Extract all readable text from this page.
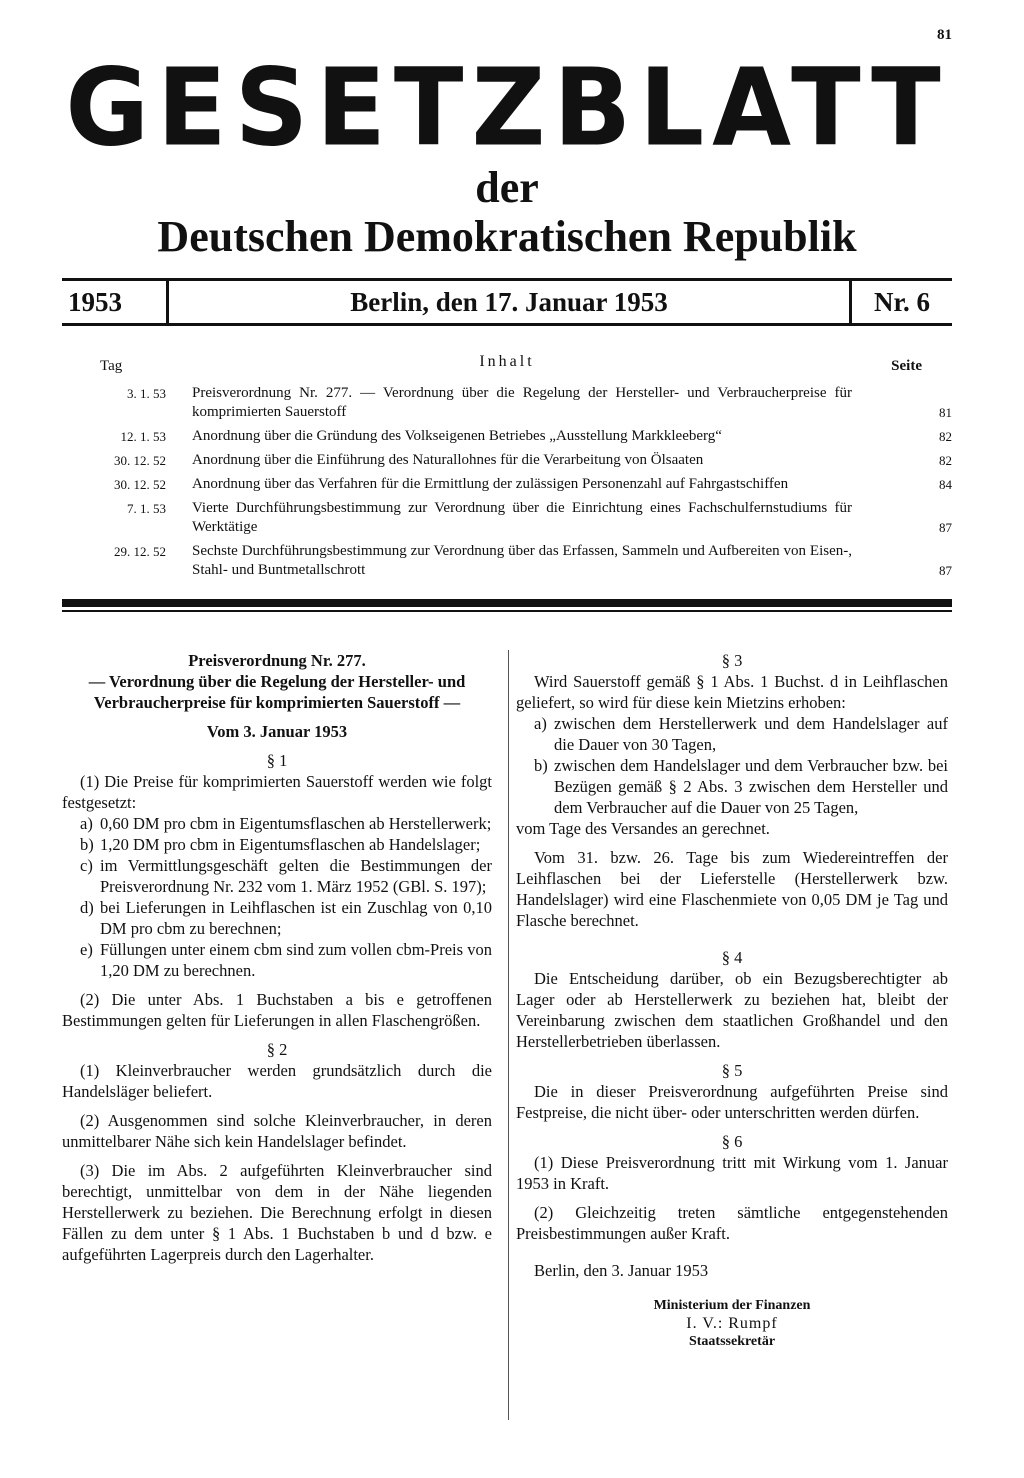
81
GESETZBLATT
der
Deutschen Demokratischen Republik
1953	Berlin, den 17. Januar 1953	Nr. 6
Tag	Inhalt	Seite
3. 1. 53	Preisverordnung Nr. 277. — Verordnung über die Regelung der Hersteller- und Verbraucherpreise für komprimierten Sauerstoff	81
12. 1. 53	Anordnung über die Gründung des Volkseigenen Betriebes „Ausstellung Markkleeberg“	82
30. 12. 52	Anordnung über die Einführung des Naturallohnes für die Verarbeitung von Ölsaaten	82
30. 12. 52	Anordnung über das Verfahren für die Ermittlung der zulässigen Personenzahl auf Fahrgastschiffen	84
7. 1. 53	Vierte Durchführungsbestimmung zur Verordnung über die Einrichtung eines Fachschulfernstudiums für Werktätige	87
29. 12. 52	Sechste Durchführungsbestimmung zur Verordnung über das Erfassen, Sammeln und Aufbereiten von Eisen-, Stahl- und Buntmetallschrott	87

Preisverordnung Nr. 277.

— Verordnung über die Regelung der Hersteller- und Verbraucherpreise für komprimierten Sauerstoff —

Vom 3. Januar 1953

§ 1

(1) Die Preise für komprimierten Sauerstoff werden wie folgt festgesetzt:

a) 0,60 DM pro cbm in Eigentumsflaschen ab Herstellerwerk;
b) 1,20 DM pro cbm in Eigentumsflaschen ab Handelslager;
c) im Vermittlungsgeschäft gelten die Bestimmungen der Preisverordnung Nr. 232 vom 1. März 1952 (GBl. S. 197);
d) bei Lieferungen in Leihflaschen ist ein Zuschlag von 0,10 DM pro cbm zu berechnen;
e) Füllungen unter einem cbm sind zum vollen cbm-Preis von 1,20 DM zu berechnen.

(2) Die unter Abs. 1 Buchstaben a bis e getroffenen Bestimmungen gelten für Lieferungen in allen Flaschengrößen.

§ 2

(1) Kleinverbraucher werden grundsätzlich durch die Handelsläger beliefert.

(2) Ausgenommen sind solche Kleinverbraucher, in deren unmittelbarer Nähe sich kein Handelslager befindet.

(3) Die im Abs. 2 aufgeführten Kleinverbraucher sind berechtigt, unmittelbar von dem in der Nähe liegenden Herstellerwerk zu beziehen. Die Berechnung erfolgt in diesen Fällen zu dem unter § 1 Abs. 1 Buchstaben b und d bzw. e aufgeführten Lagerpreis durch den Lagerhalter.

§ 3

Wird Sauerstoff gemäß § 1 Abs. 1 Buchst. d in Leihflaschen geliefert, so wird für diese kein Mietzins erhoben:

a) zwischen dem Herstellerwerk und dem Handelslager auf die Dauer von 30 Tagen,
b) zwischen dem Handelslager und dem Verbraucher bzw. bei Bezügen gemäß § 2 Abs. 3 zwischen dem Hersteller und dem Verbraucher auf die Dauer von 25 Tagen,

vom Tage des Versandes an gerechnet.

Vom 31. bzw. 26. Tage bis zum Wiedereintreffen der Leihflaschen bei der Lieferstelle (Herstellerwerk bzw. Handelslager) wird eine Flaschenmiete von 0,05 DM je Tag und Flasche berechnet.

§ 4

Die Entscheidung darüber, ob ein Bezugsberechtigter ab Lager oder ab Herstellerwerk zu beziehen hat, bleibt der Vereinbarung zwischen dem staatlichen Großhandel und den Herstellerbetrieben überlassen.

§ 5

Die in dieser Preisverordnung aufgeführten Preise sind Festpreise, die nicht über- oder unterschritten werden dürfen.

§ 6

(1) Diese Preisverordnung tritt mit Wirkung vom 1. Januar 1953 in Kraft.

(2) Gleichzeitig treten sämtliche entgegenstehenden Preisbestimmungen außer Kraft.

Berlin, den 3. Januar 1953

Ministerium der Finanzen
I. V.: Rumpf
Staatssekretär
